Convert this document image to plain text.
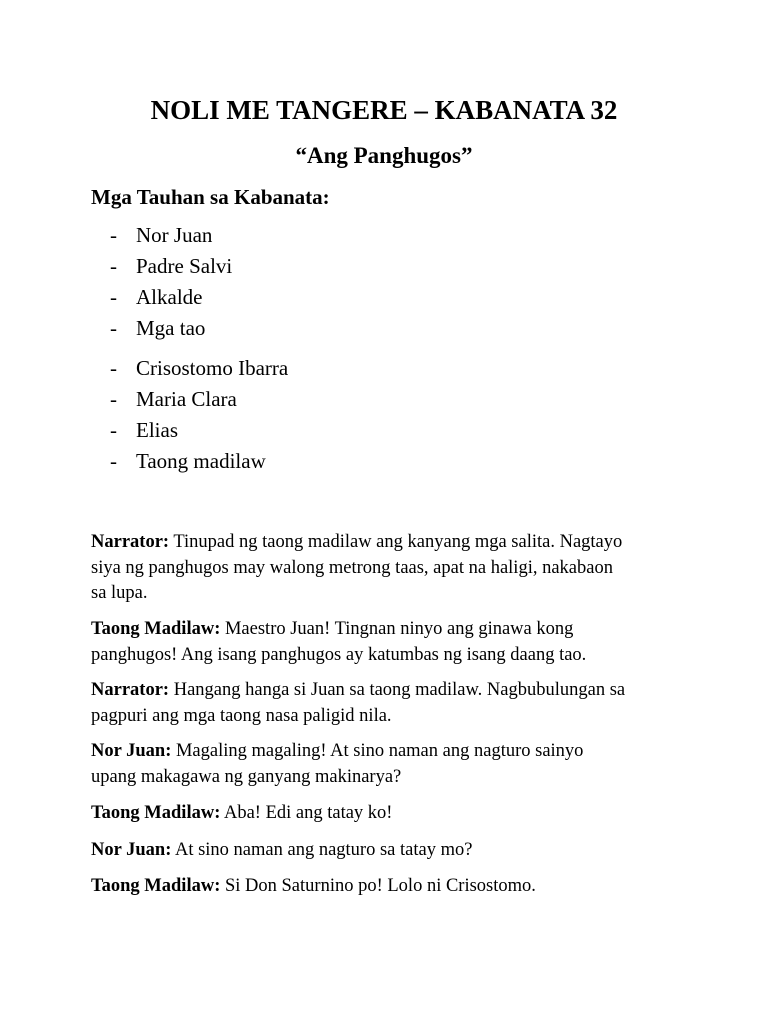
NOLI ME TANGERE – KABANATA 32
“Ang Panghugos”
Mga Tauhan sa Kabanata:
- Nor Juan
- Padre Salvi
- Alkalde
- Mga tao
- Crisostomo Ibarra
- Maria Clara
- Elias
- Taong madilaw

Narrator: Tinupad ng taong madilaw ang kanyang mga salita. Nagtayo
siya ng panghugos may walong metrong taas, apat na haligi, nakabaon
sa lupa.

Taong Madilaw: Maestro Juan! Tingnan ninyo ang ginawa kong
panghugos! Ang isang panghugos ay katumbas ng isang daang tao.

Narrator: Hangang hanga si Juan sa taong madilaw. Nagbubulungan sa
pagpuri ang mga taong nasa paligid nila.

Nor Juan: Magaling magaling! At sino naman ang nagturo sainyo
upang makagawa ng ganyang makinarya?

Taong Madilaw: Aba! Edi ang tatay ko!

Nor Juan: At sino naman ang nagturo sa tatay mo?

Taong Madilaw: Si Don Saturnino po! Lolo ni Crisostomo.
